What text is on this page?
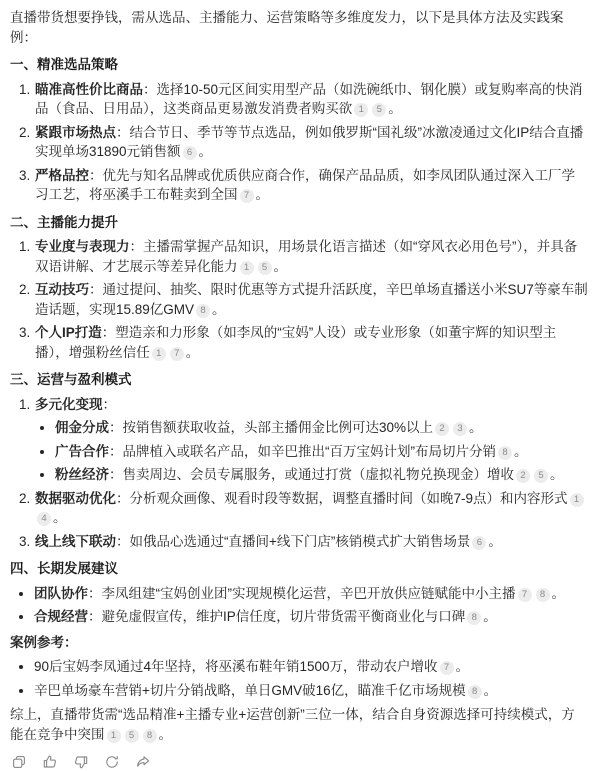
直播带货想要挣钱，需从选品、主播能力、运营策略等多维度发力，以下是具体方法及实践案例：

一、精准选品策略
1. 瞄准高性价比商品：选择10-50元区间实用型产品（如洗碗纸巾、钢化膜）或复购率高的快消品（食品、日用品），这类商品更易激发消费者购买欲 1 5 。
2. 紧跟市场热点：结合节日、季节等节点选品，例如俄罗斯“国礼级”冰激凌通过文化IP结合直播实现单场31890元销售额 6 。
3. 严格品控：优先与知名品牌或优质供应商合作，确保产品品质，如李凤团队通过深入工厂学习工艺，将巫溪手工布鞋卖到全国 7 。
二、主播能力提升
1. 专业度与表现力：主播需掌握产品知识，用场景化语言描述（如“穿风衣必用色号”），并具备双语讲解、才艺展示等差异化能力 1 5 。
2. 互动技巧：通过提问、抽奖、限时优惠等方式提升活跃度，辛巴单场直播送小米SU7等豪车制造话题，实现15.89亿GMV 8 。
3. 个人IP打造：塑造亲和力形象（如李凤的“宝妈”人设）或专业形象（如董宇辉的知识型主播），增强粉丝信任 1 7 。
三、运营与盈利模式
1. 多元化变现：
• 佣金分成：按销售额获取收益，头部主播佣金比例可达30%以上 2 3 。
• 广告合作：品牌植入或联名产品，如辛巴推出“百万宝妈计划”布局切片分销 8 。
• 粉丝经济：售卖周边、会员专属服务，或通过打赏（虚拟礼物兑换现金）增收 2 5 。
2. 数据驱动优化：分析观众画像、观看时段等数据，调整直播时间（如晚7-9点）和内容形式 14 。
3. 线上线下联动：如俄品心选通过“直播间+线下门店”核销模式扩大销售场景 6 。
四、长期发展建议
• 团队协作：李凤组建“宝妈创业团”实现规模化运营，辛巴开放供应链赋能中小主播 7 8 。
• 合规经营：避免虚假宣传，维护IP信任度，切片带货需平衡商业化与口碑 8 。
案例参考：
• 90后宝妈李凤通过4年坚持，将巫溪布鞋年销1500万，带动农户增收 7 。
• 辛巴单场豪车营销+切片分销战略，单日GMV破16亿，瞄准千亿市场规模 8 。

综上，直播带货需“选品精准+主播专业+运营创新”三位一体，结合自身资源选择可持续模式，方能在竞争中突围 1 5 8 。
